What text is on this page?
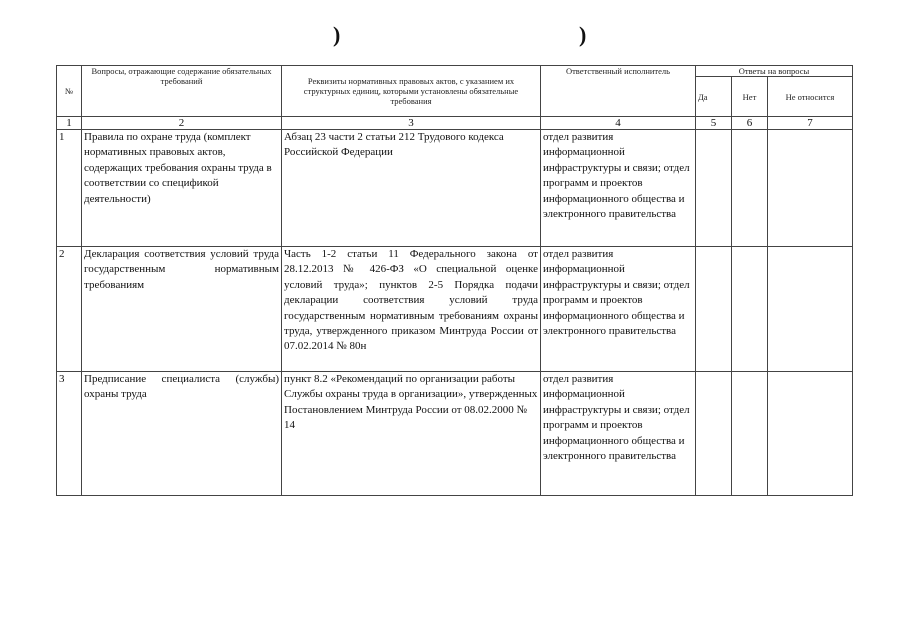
)	)
№	Вопросы, отражающие содержание обязательных требований	Реквизиты нормативных правовых актов, с указанием их структурных единиц, которыми установлены обязательные требования	Ответственный исполнитель	Ответы на вопросы		
				Да	Нет	Не относится
1	2	3	4	5	6	7
1	Правила по охране труда (комплект нормативных правовых актов, содержащих требования охраны труда в соответствии со спецификой деятельности)	Абзац 23 части 2 статьи 212 Трудового кодекса Российской Федерации	отдел развития информационной инфраструктуры и связи; отдел программ и проектов информационного общества и электронного правительства			
2	Декларация соответствия условий труда государственным нормативным требованиям	Часть 1-2 статьи 11 Федерального закона от 28.12.2013 № 426-ФЗ «О специальной оценке условий труда»; пунктов 2-5 Порядка подачи декларации соответствия условий труда государственным нормативным требованиям охраны труда, утвержденного приказом Минтруда России от 07.02.2014 № 80н	отдел развития информационной инфраструктуры и связи; отдел программ и проектов информационного общества и электронного правительства			
3	Предписание специалиста (службы) охраны труда	пункт 8.2 «Рекомендаций по организации работы Службы охраны труда в организации», утвержденных Постановлением Минтруда России от 08.02.2000 № 14	отдел развития информационной инфраструктуры и связи; отдел программ и проектов информационного общества и электронного правительства			
